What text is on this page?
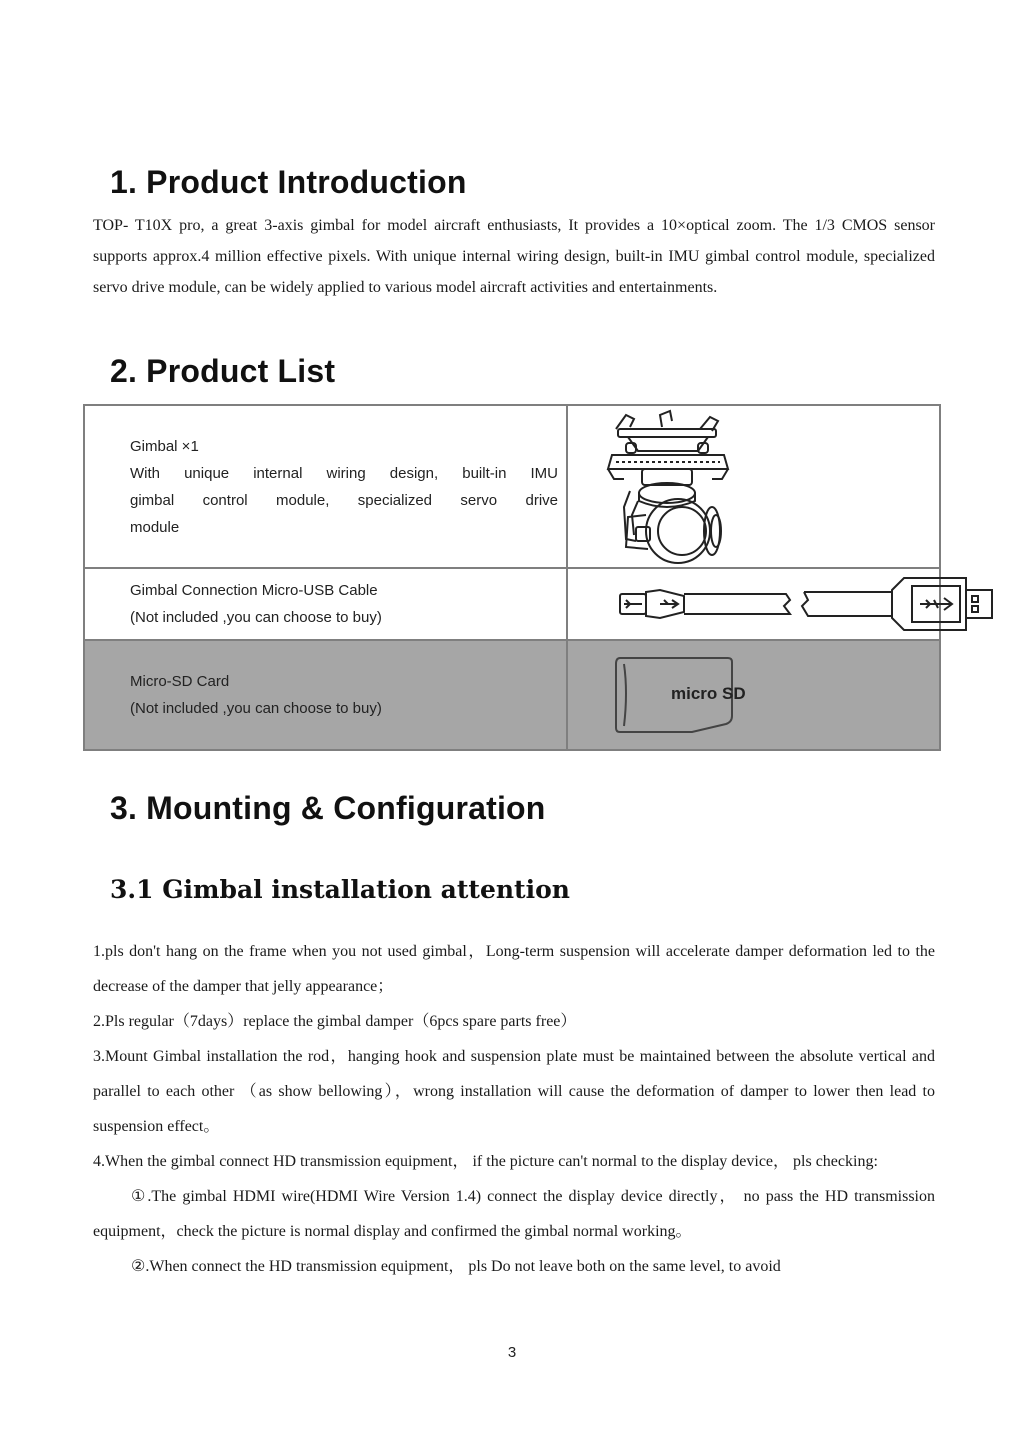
1. Product Introduction

TOP- T10X pro, a great 3-axis gimbal for model aircraft enthusiasts, It provides a 10×optical zoom. The 1/3 CMOS sensor supports approx.4 million effective pixels. With unique internal wiring design, built-in IMU gimbal control module, specialized servo drive module, can be widely applied to various model aircraft activities and entertainments.

2. Product List
Gimbal ×1
With unique internal wiring design, built-in IMU
gimbal control module, specialized servo drive
module

Gimbal Connection Micro-USB Cable
(Not included ,you can choose to buy)

Micro-SD Card
(Not included ,you can choose to buy)	micro SD
3. Mounting & Configuration
3.1 Gimbal installation attention

1.pls don't hang on the frame when you not used gimbal，Long-term suspension will accelerate damper deformation led to the decrease of the damper that jelly appearance；

2.Pls regular（7days）replace the gimbal damper（6pcs spare parts free）

3.Mount Gimbal installation the rod，hanging hook and suspension plate must be maintained between the absolute vertical and parallel to each other （as show bellowing），wrong installation will cause the deformation of damper to lower then lead to suspension effect。

4.When the gimbal connect HD transmission equipment， if the picture can't normal to the display device， pls checking:

①.The gimbal HDMI wire(HDMI Wire Version 1.4) connect the display device directly， no pass the HD transmission equipment，check the picture is normal display and confirmed the gimbal normal working。

②.When connect the HD transmission equipment， pls Do not leave both on the same level, to avoid

3
